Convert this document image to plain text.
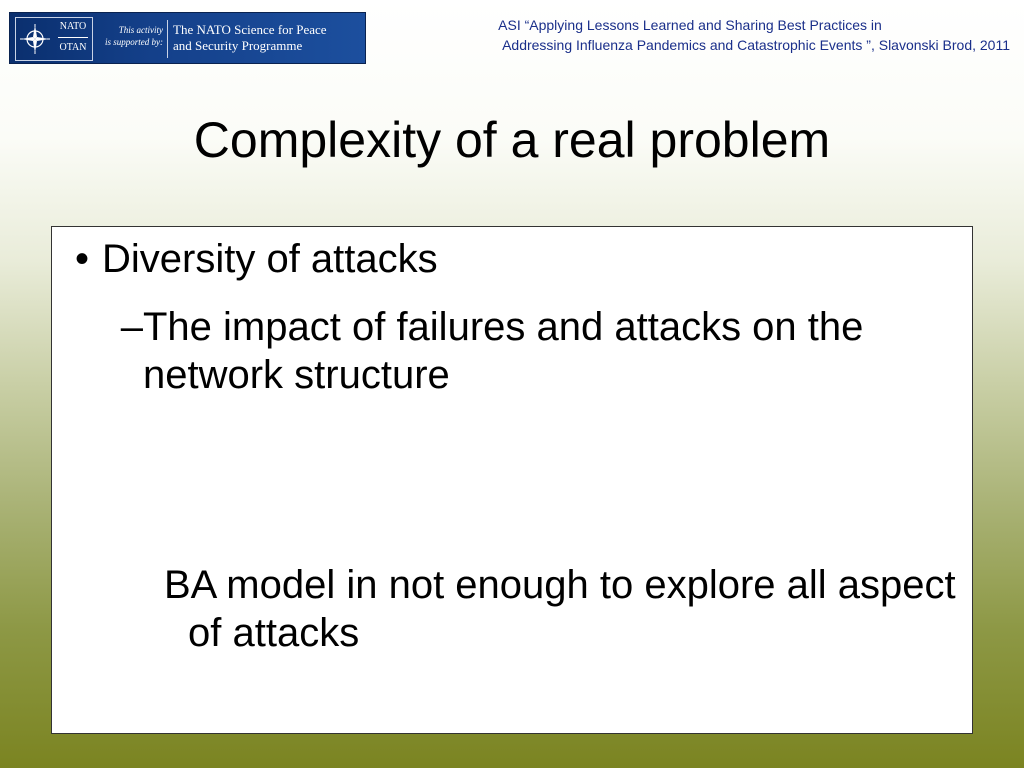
NATO
OTAN
This activity
is supported by:
The NATO Science for Peace
and Security Programme
ASI “Applying Lessons Learned and Sharing Best Practices in
Addressing Influenza Pandemics and Catastrophic Events ”, Slavonski Brod, 2011
Complexity of a real problem
• Diversity of attacks
– The impact of failures and attacks on the network structure
BA model in not enough to explore all aspect of attacks
